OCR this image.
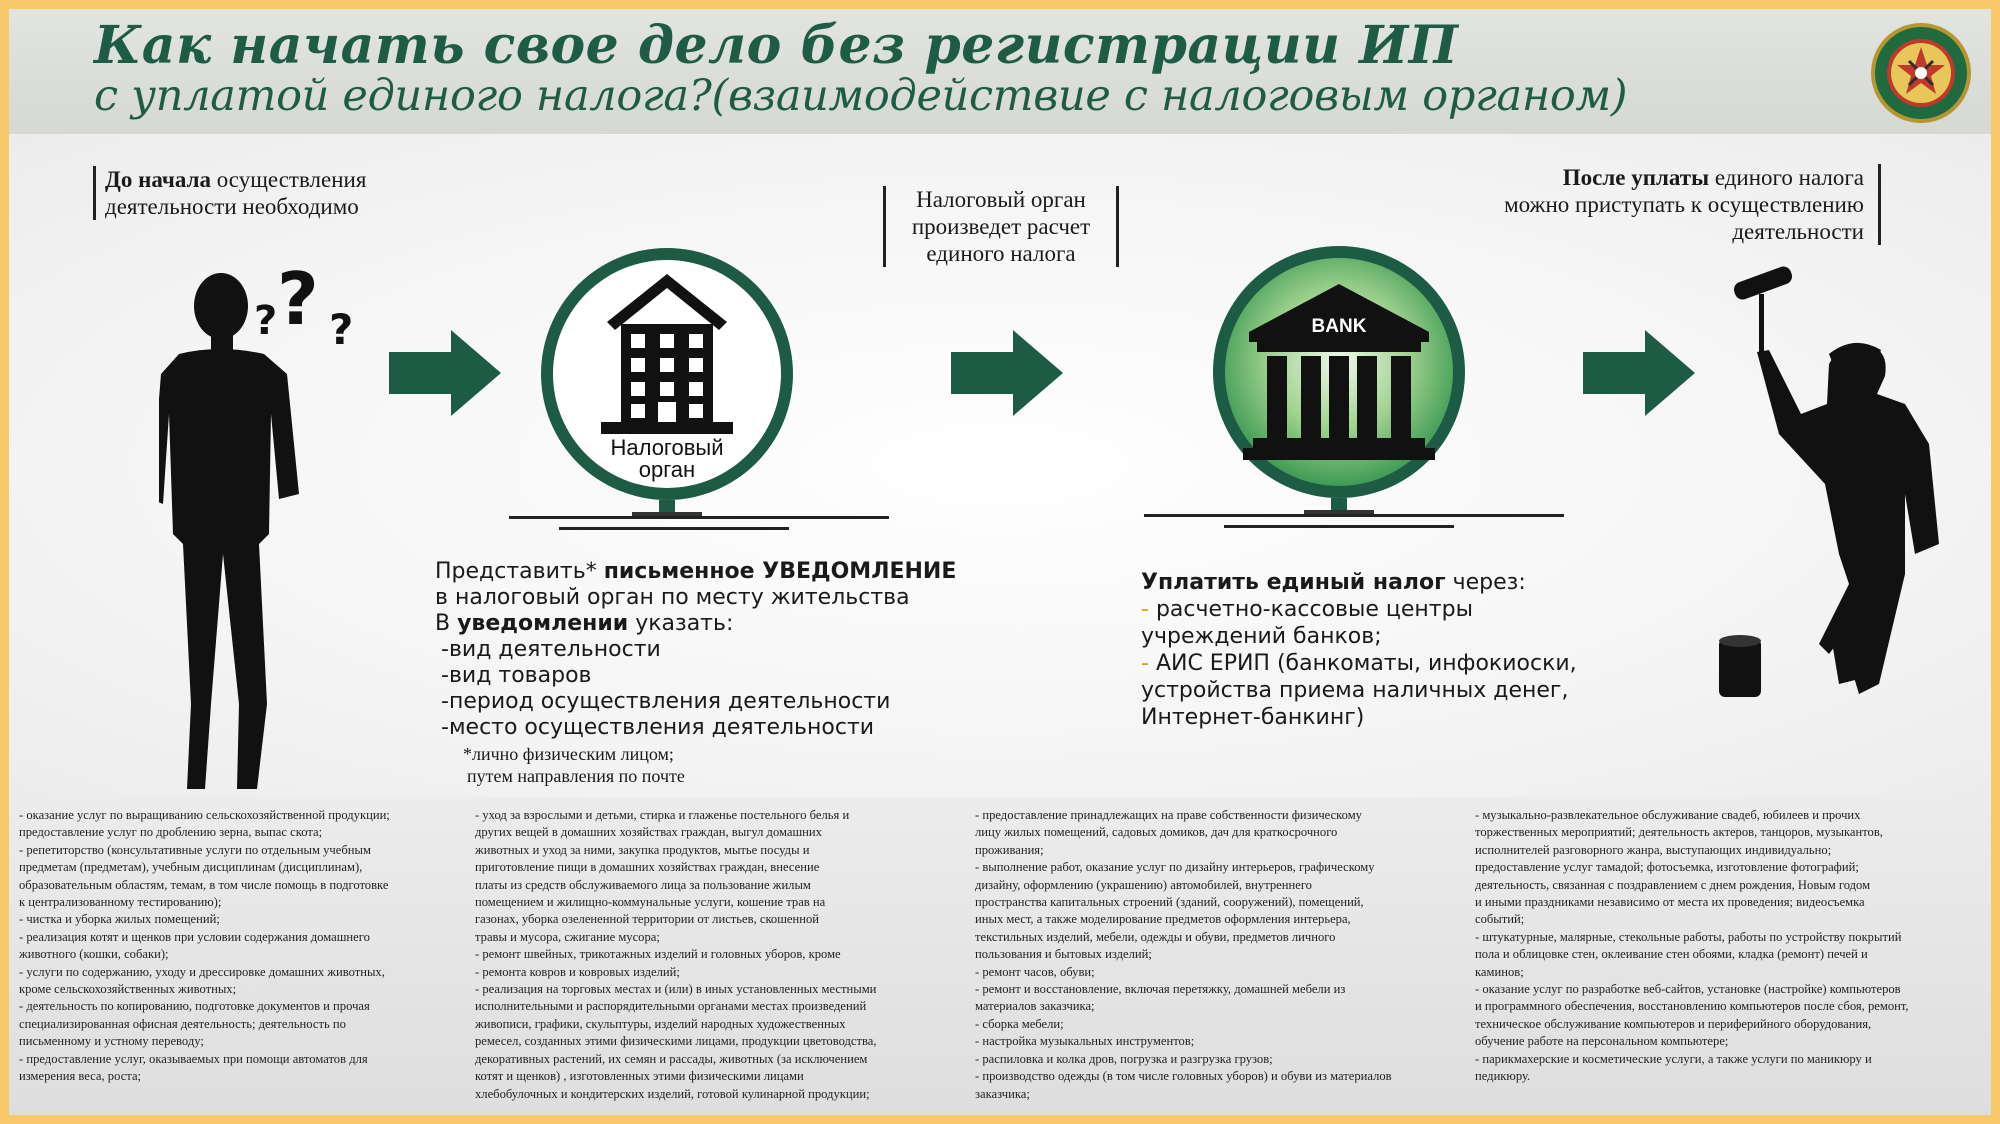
Как начать свое дело без регистрации ИП
с уплатой единого налога?(взаимодействие с налоговым органом)
До начала осуществления
деятельности необходимо
? ? ?
Налоговый
орган
Налоговый орган
произведет расчет
единого налога
BANK
После уплаты единого налога
можно приступать к осуществлению
деятельности
Представить* письменное УВЕДОМЛЕНИЕ
в налоговый орган по месту жительства
В уведомлении указать:
-вид деятельности
-вид товаров
-период осуществления деятельности
-место осуществления деятельности
*лично физическим лицом;
путем направления по почте
Уплатить единый налог через:
- расчетно-кассовые центры
учреждений банков;
- АИС ЕРИП (банкоматы, инфокиоски,
устройства приема наличных денег,
Интернет-банкинг)
- оказание услуг по выращиванию сельскохозяйственной продукции;
предоставление услуг по дроблению зерна, выпас скота;
- репетиторство (консультативные услуги по отдельным учебным
предметам (предметам), учебным дисциплинам (дисциплинам),
образовательным областям, темам, в том числе помощь в подготовке
к централизованному тестированию);
- чистка и уборка жилых помещений;
- реализация котят и щенков при условии содержания домашнего
животного (кошки, собаки);
- услуги по содержанию, уходу и дрессировке домашних животных,
кроме сельскохозяйственных животных;
- деятельность по копированию, подготовке документов и прочая
специализированная офисная деятельность; деятельность по
письменному и устному переводу;
- предоставление услуг, оказываемых при помощи автоматов для
измерения веса, роста;
- уход за взрослыми и детьми, стирка и глаженье постельного белья и
других вещей в домашних хозяйствах граждан, выгул домашних
животных и уход за ними, закупка продуктов, мытье посуды и
приготовление пищи в домашних хозяйствах граждан, внесение
платы из средств обслуживаемого лица за пользование жилым
помещением и жилищно-коммунальные услуги, кошение трав на
газонах, уборка озелененной территории от листьев, скошенной
травы и мусора, сжигание мусора;
- ремонт швейных, трикотажных изделий и головных уборов, кроме
- ремонта ковров и ковровых изделий;
- реализация на торговых местах и (или) в иных установленных местными
исполнительными и распорядительными органами местах произведений
живописи, графики, скульптуры, изделий народных художественных
ремесел, созданных этими физическими лицами, продукции цветоводства,
декоративных растений, их семян и рассады, животных (за исключением
котят и щенков) , изготовленных этими физическими лицами
хлебобулочных и кондитерских изделий, готовой кулинарной продукции;
- предоставление принадлежащих на праве собственности физическому
лицу жилых помещений, садовых домиков, дач для краткосрочного
проживания;
- выполнение работ, оказание услуг по дизайну интерьеров, графическому
дизайну, оформлению (украшению) автомобилей, внутреннего
пространства капитальных строений (зданий, сооружений), помещений,
иных мест, а также моделирование предметов оформления интерьера,
текстильных изделий, мебели, одежды и обуви, предметов личного
пользования и бытовых изделий;
- ремонт часов, обуви;
- ремонт и восстановление, включая перетяжку, домашней мебели из
материалов заказчика;
- сборка мебели;
- настройка музыкальных инструментов;
- распиловка и колка дров, погрузка и разгрузка грузов;
- производство одежды (в том числе головных уборов) и обуви из материалов
заказчика;
- музыкально-развлекательное обслуживание свадеб, юбилеев и прочих
торжественных мероприятий; деятельность актеров, танцоров, музыкантов,
исполнителей разговорного жанра, выступающих индивидуально;
предоставление услуг тамадой; фотосъемка, изготовление фотографий;
деятельность, связанная с поздравлением с днем рождения, Новым годом
и иными праздниками независимо от места их проведения; видеосъемка
событий;
- штукатурные, малярные, стекольные работы, работы по устройству покрытий
пола и облицовке стен, оклеивание стен обоями, кладка (ремонт) печей и
каминов;
- оказание услуг по разработке веб-сайтов, установке (настройке) компьютеров
и программного обеспечения, восстановлению компьютеров после сбоя, ремонт,
техническое обслуживание компьютеров и периферийного оборудования,
обучение работе на персональном компьютере;
- парикмахерские и косметические услуги, а также услуги по маникюру и
педикюру.
